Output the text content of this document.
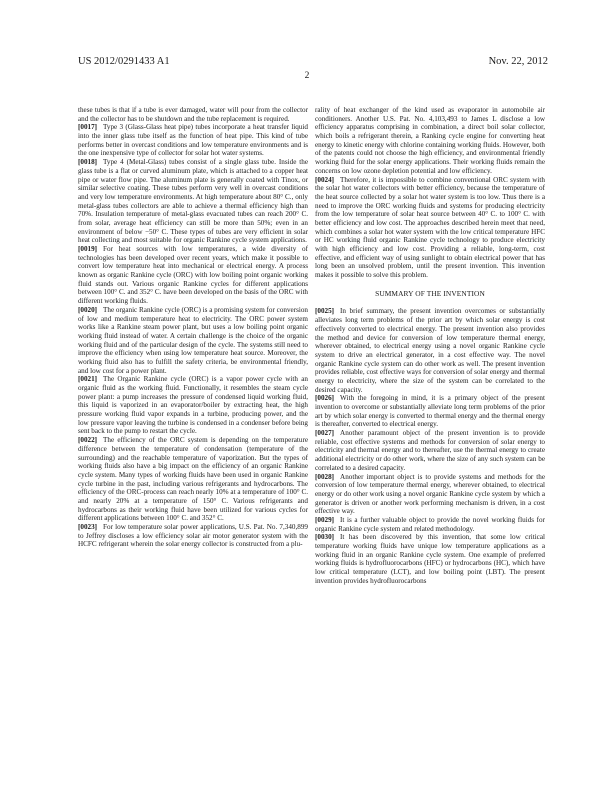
US 2012/0291433 A1	Nov. 22, 2012
2

these tubes is that if a tube is ever damaged, water will pour from the collector and the collector has to be shutdown and the tube replacement is required.

[0017] Type 3 (Glass-Glass heat pipe) tubes incorporate a heat transfer liquid into the inner glass tube itself as the function of heat pipe. This kind of tube performs better in overcast conditions and low temperature environments and is the one inexpensive type of collector for solar hot water systems.

[0018] Type 4 (Metal-Glass) tubes consist of a single glass tube. Inside the glass tube is a flat or curved aluminum plate, which is attached to a copper heat pipe or water flow pipe. The aluminum plate is generally coated with Tinox, or similar selective coating. These tubes perform very well in overcast conditions and very low temperature environments. At high temperature about 80° C., only metal-glass tubes collectors are able to achieve a thermal efficiency high than 70%. Insulation temperature of metal-glass evacuated tubes can reach 200° C. from solar, average heat efficiency can still be more than 50%; even in an environment of below −50° C. These types of tubes are very efficient in solar heat collecting and most suitable for organic Rankine cycle system applications.

[0019] For heat sources with low temperatures, a wide diversity of technologies has been developed over recent years, which make it possible to convert low temperature heat into mechanical or electrical energy. A process known as organic Rankine cycle (ORC) with low boiling point organic working fluid stands out. Various organic Rankine cycles for different applications between 100° C. and 352° C. have been developed on the basis of the ORC with different working fluids.

[0020] The organic Rankine cycle (ORC) is a promising system for conversion of low and medium temperature heat to electricity. The ORC power system works like a Rankine steam power plant, but uses a low boiling point organic working fluid instead of water. A certain challenge is the choice of the organic working fluid and of the particular design of the cycle. The systems still need to improve the efficiency when using low temperature heat source. Moreover, the working fluid also has to fulfill the safety criteria, be environmental friendly, and low cost for a power plant.

[0021] The Organic Rankine cycle (ORC) is a vapor power cycle with an organic fluid as the working fluid. Functionally, it resembles the steam cycle power plant: a pump increases the pressure of condensed liquid working fluid, this liquid is vaporized in an evaporator/boiler by extracting heat, the high pressure working fluid vapor expands in a turbine, producing power, and the low pressure vapor leaving the turbine is condensed in a condenser before being sent back to the pump to restart the cycle.

[0022] The efficiency of the ORC system is depending on the temperature difference between the temperature of condensation (temperature of the surrounding) and the reachable temperature of vaporization. But the types of working fluids also have a big impact on the efficiency of an organic Rankine cycle system. Many types of working fluids have been used in organic Rankine cycle turbine in the past, including various refrigerants and hydrocarbons. The efficiency of the ORC-process can reach nearly 10% at a temperature of 100° C. and nearly 20% at a temperature of 150° C. Various refrigerants and hydrocarbons as their working fluid have been utilized for various cycles for different applications between 100° C. and 352° C.

[0023] For low temperature solar power applications, U.S. Pat. No. 7,340,899 to Jeffrey discloses a low efficiency solar air motor generator system with the HCFC refrigerant wherein the solar energy collector is constructed from a plu-

rality of heat exchanger of the kind used as evaporator in automobile air conditioners. Another U.S. Pat. No. 4,103,493 to James L disclose a low efficiency apparatus comprising in combination, a direct boil solar collector, which boils a refrigerant therein, a Ranking cycle engine for converting heat energy to kinetic energy with chlorine containing working fluids. However, both of the patents could not choose the high efficiency, and environmental friendly working fluid for the solar energy applications. Their working fluids remain the concerns on low ozone depletion potential and low efficiency.

[0024] Therefore, it is impossible to combine conventional ORC system with the solar hot water collectors with better efficiency, because the temperature of the heat source collected by a solar hot water system is too low. Thus there is a need to improve the ORC working fluids and systems for producing electricity from the low temperature of solar heat source between 40° C. to 100° C. with better efficiency and low cost. The approaches described herein meet that need, which combines a solar hot water system with the low critical temperature HFC or HC working fluid organic Rankine cycle technology to produce electricity with high efficiency and low cost. Providing a reliable, long-term, cost effective, and efficient way of using sunlight to obtain electrical power that has long been an unsolved problem, until the present invention. This invention makes it possible to solve this problem.

SUMMARY OF THE INVENTION

[0025] In brief summary, the present invention overcomes or substantially alleviates long term problems of the prior art by which solar energy is cost effectively converted to electrical energy. The present invention also provides the method and device for conversion of low temperature thermal energy, wherever obtained, to electrical energy using a novel organic Rankine cycle system to drive an electrical generator, in a cost effective way. The novel organic Rankine cycle system can do other work as well. The present invention provides reliable, cost effective ways for conversion of solar energy and thermal energy to electricity, where the size of the system can be correlated to the desired capacity.

[0026] With the foregoing in mind, it is a primary object of the present invention to overcome or substantially alleviate long term problems of the prior art by which solar energy is converted to thermal energy and the thermal energy is thereafter, converted to electrical energy.

[0027] Another paramount object of the present invention is to provide reliable, cost effective systems and methods for conversion of solar energy to electricity and thermal energy and to thereafter, use the thermal energy to create additional electricity or do other work, where the size of any such system can be correlated to a desired capacity.

[0028] Another important object is to provide systems and methods for the conversion of low temperature thermal energy, wherever obtained, to electrical energy or do other work using a novel organic Rankine cycle system by which a generator is driven or another work performing mechanism is driven, in a cost effective way.

[0029] It is a further valuable object to provide the novel working fluids for organic Rankine cycle system and related methodology.

[0030] It has been discovered by this invention, that some low critical temperature working fluids have unique low temperature applications as a working fluid in an organic Rankine cycle system. One example of preferred working fluids is hydrofluorocarbons (HFC) or hydrocarbons (HC), which have low critical temperature (LCT), and low boiling point (LBT). The present invention provides hydrofluorocarbons
